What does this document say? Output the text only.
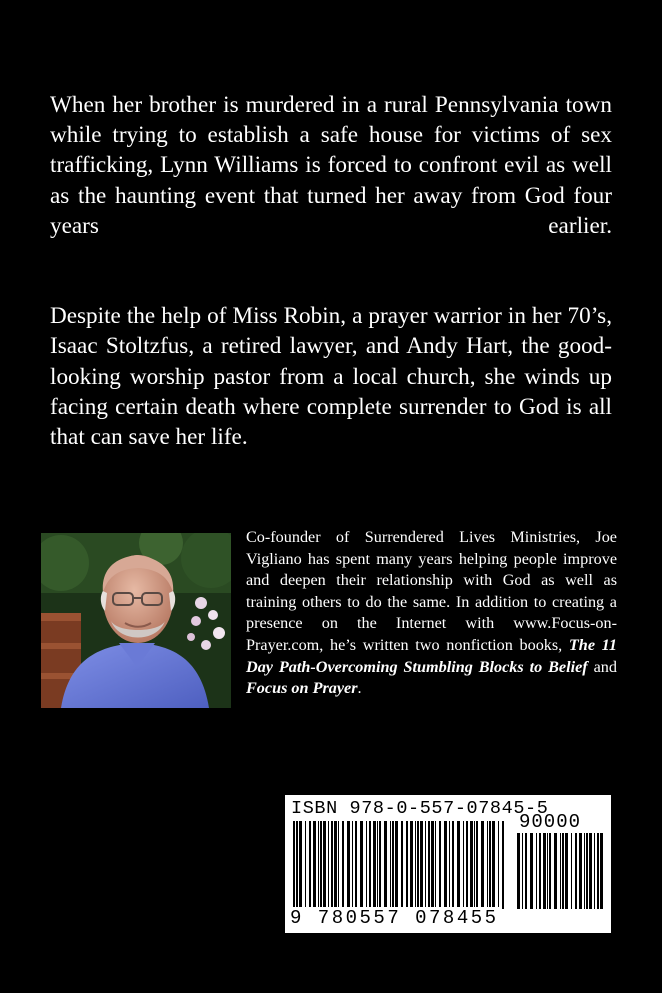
When her brother is murdered in a rural Pennsylvania town while trying to establish a safe house for victims of sex trafficking, Lynn Williams is forced to confront evil as well as the haunting event that turned her away from God four years earlier.

Despite the help of Miss Robin, a prayer warrior in her 70’s, Isaac Stoltzfus, a retired lawyer, and Andy Hart, the good-looking worship pastor from a local church, she winds up facing certain death where complete surrender to God is all that can save her life.

Co-founder of Surrendered Lives Ministries, Joe Vigliano has spent many years helping people improve and deepen their relationship with God as well as training others to do the same. In addition to creating a presence on the Internet with www.Focus-on-Prayer.com, he’s written two nonfiction books, The 11 Day Path-Overcoming Stumbling Blocks to Belief and Focus on Prayer.

ISBN 978-0-557-07845-5
90000
9 780557 078455
